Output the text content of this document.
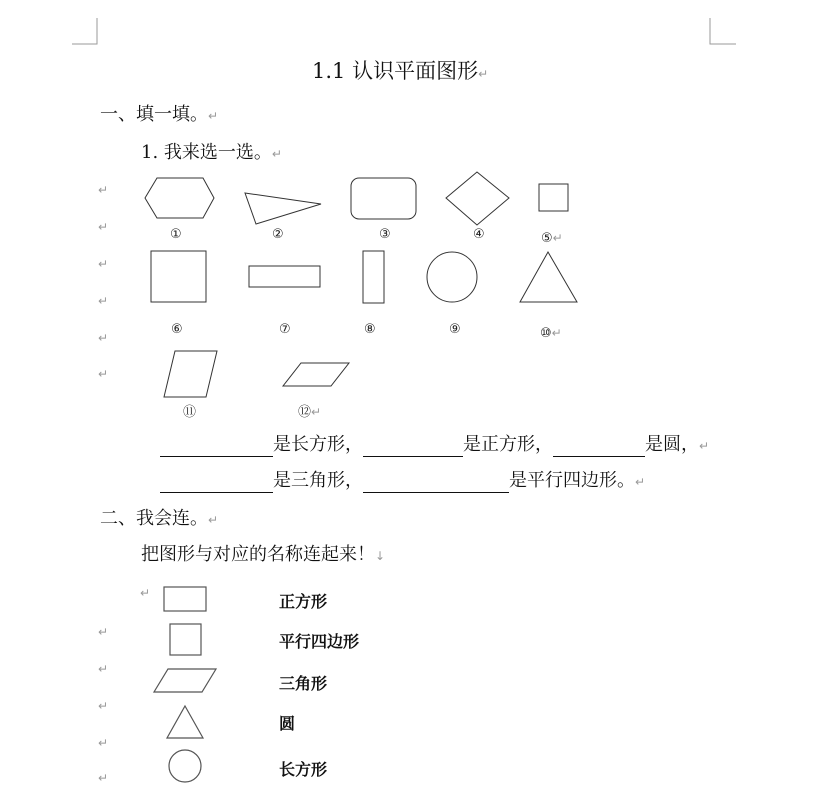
1.1 认识平面图形↵
一、填一填。↵
1. 我来选一选。↵
↵
↵
↵
↵
↵
↵
①	②	③	④	⑤↵
⑥	⑦	⑧	⑨	⑩↵
⑪	⑫↵
是长方形，	是正方形，	是圆，↵
是三角形，	是平行四边形。↵
二、我会连。↵
把图形与对应的名称连起来！↓
↵
↵
↵
↵
↵
↵
正方形
平行四边形
三角形
圆
长方形
